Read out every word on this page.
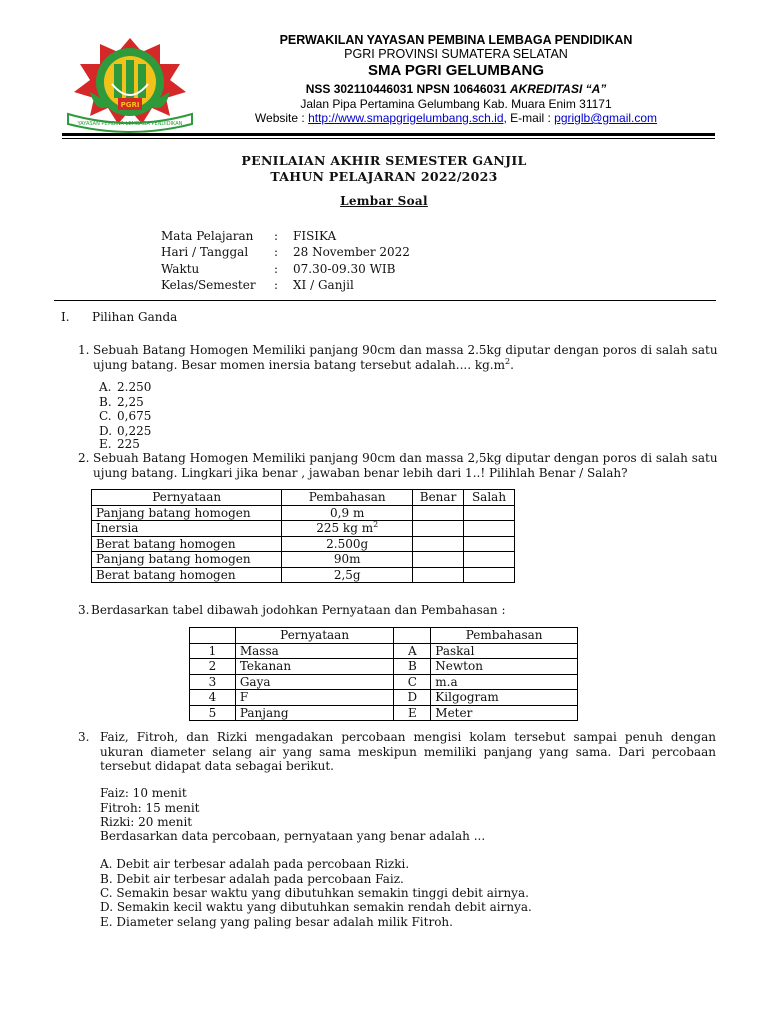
PGRI
YAYASAN PEMBINA LEMBAGA PENDIDIKAN
PERWAKILAN YAYASAN PEMBINA LEMBAGA PENDIDIKAN
PGRI PROVINSI SUMATERA SELATAN
SMA PGRI GELUMBANG
NSS 302110446031 NPSN 10646031 AKREDITASI “A”
Jalan Pipa Pertamina Gelumbang Kab. Muara Enim 31171
Website : http://www.smapgrigelumbang.sch.id, E-mail : pgriglb@gmail.com
PENILAIAN AKHIR SEMESTER GANJIL
TAHUN PELAJARAN 2022/2023
Lembar Soal
Mata Pelajaran	:	FISIKA
Hari / Tanggal	:	28 November 2022
Waktu	:	07.30-09.30 WIB
Kelas/Semester	:	XI / Ganjil
I. Pilihan Ganda
1. Sebuah Batang Homogen Memiliki panjang 90cm dan massa 2.5kg diputar dengan poros di salah satu
ujung batang. Besar momen inersia batang tersebut adalah.... $kg.m^2$.
A. 2.250
B. 2,25
C. 0,675
D. 0,225
E. 225
2. Sebuah Batang Homogen Memiliki panjang 90cm dan massa 2,5kg diputar dengan poros di salah satu
ujung batang. Lingkari jika benar , jawaban benar lebih dari 1..! Pilihlah Benar / Salah?
Pernyataan	Pembahasan	Benar	Salah
Panjang batang homogen	0,9 m		
Inersia	225 kg $m^2$		
Berat batang homogen	2.500g		
Panjang batang homogen	90m		
Berat batang homogen	2,5g		
3. Berdasarkan tabel dibawah jodohkan Pernyataan dan Pembahasan :
	Pernyataan		Pembahasan
1	Massa	A	Paskal
2	Tekanan	B	Newton
3	Gaya	C	m.a
4	F	D	Kilgogram
5	Panjang	E	Meter
3. Faiz, Fitroh, dan Rizki mengadakan percobaan mengisi kolam tersebut sampai penuh dengan ukuran diameter selang air yang sama meskipun memiliki panjang yang sama. Dari percobaan tersebut didapat data sebagai berikut.
Faiz: 10 menit
Fitroh: 15 menit
Rizki: 20 menit
Berdasarkan data percobaan, pernyataan yang benar adalah ...
A. Debit air terbesar adalah pada percobaan Rizki.
B. Debit air terbesar adalah pada percobaan Faiz.
C. Semakin besar waktu yang dibutuhkan semakin tinggi debit airnya.
D. Semakin kecil waktu yang dibutuhkan semakin rendah debit airnya.
E. Diameter selang yang paling besar adalah milik Fitroh.
